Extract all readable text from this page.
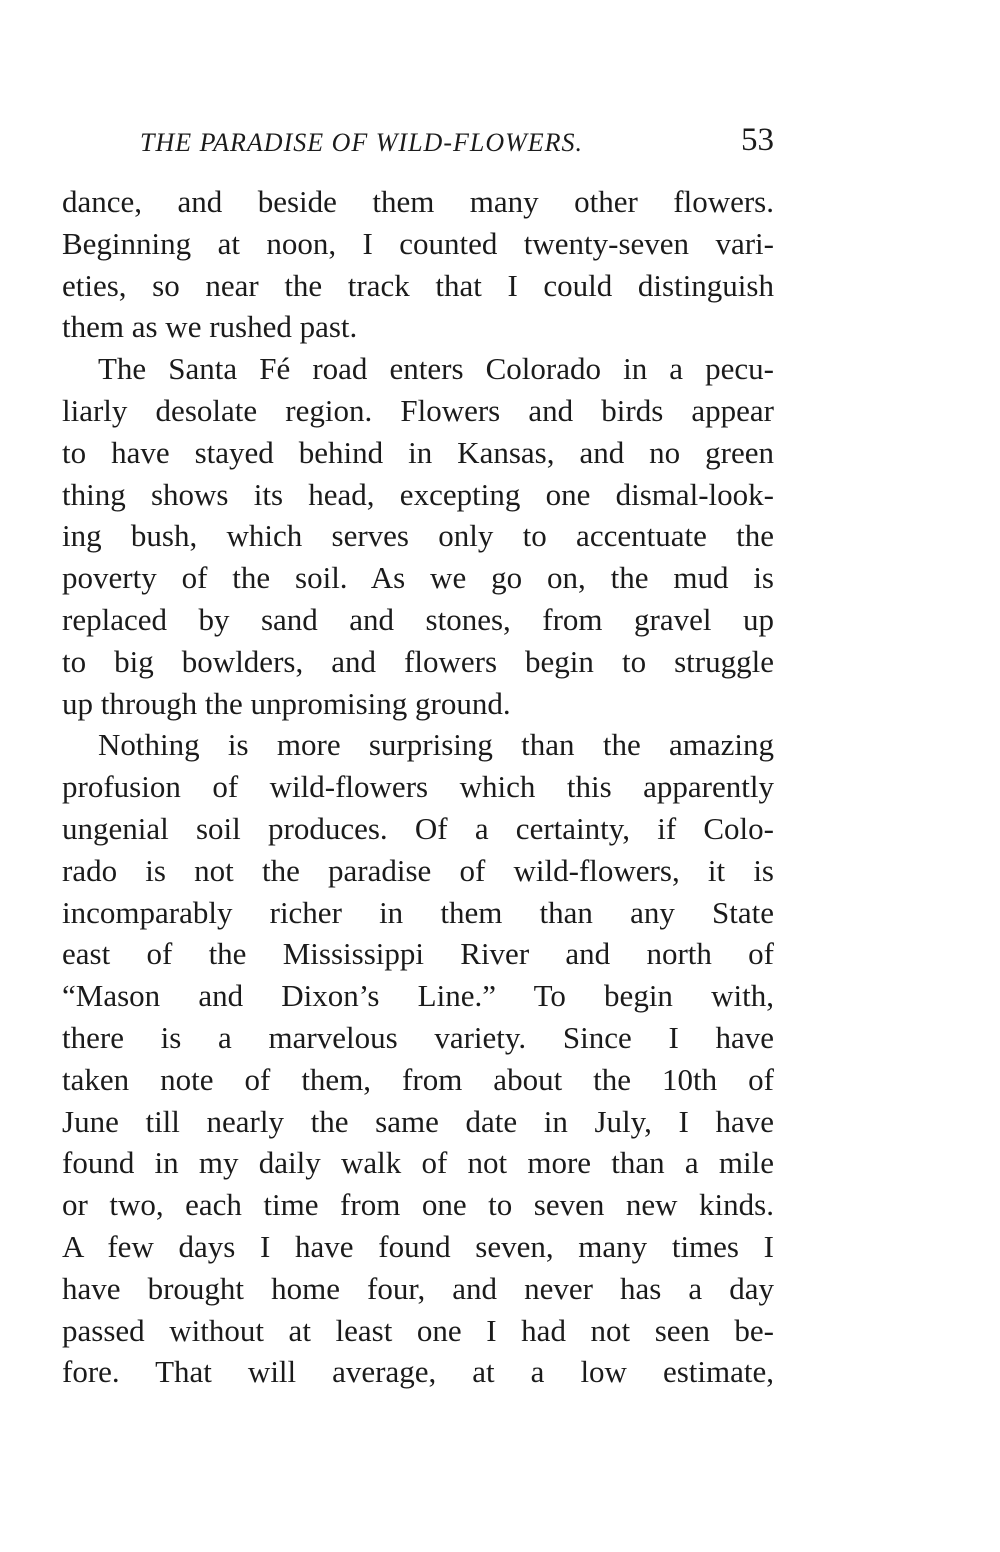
THE PARADISE OF WILD-FLOWERS.	53
dance, and beside them many other flowers.
Beginning at noon, I counted twenty-seven vari-
eties, so near the track that I could distinguish
them as we rushed past.
The Santa Fé road enters Colorado in a pecu-
liarly desolate region. Flowers and birds appear
to have stayed behind in Kansas, and no green
thing shows its head, excepting one dismal-look-
ing bush, which serves only to accentuate the
poverty of the soil. As we go on, the mud is
replaced by sand and stones, from gravel up
to big bowlders, and flowers begin to struggle
up through the unpromising ground.
Nothing is more surprising than the amazing
profusion of wild-flowers which this apparently
ungenial soil produces. Of a certainty, if Colo-
rado is not the paradise of wild-flowers, it is
incomparably richer in them than any State
east of the Mississippi River and north of
“Mason and Dixon’s Line.” To begin with,
there is a marvelous variety. Since I have
taken note of them, from about the 10th of
June till nearly the same date in July, I have
found in my daily walk of not more than a mile
or two, each time from one to seven new kinds.
A few days I have found seven, many times I
have brought home four, and never has a day
passed without at least one I had not seen be-
fore. That will average, at a low estimate,
